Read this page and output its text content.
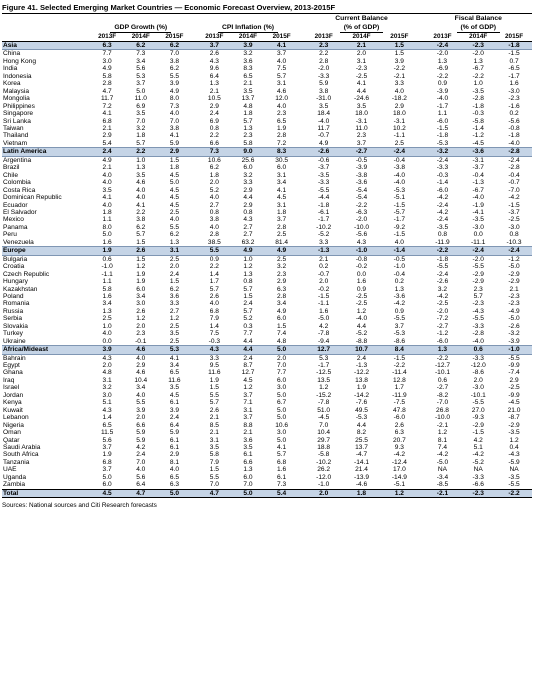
Figure 41. Selected Emerging Market Countries — Economic Forecast Overview, 2013-2015F
									Current Balance				Fiscal Balance		
	GDP Growth (%)				CPI Inflation (%)				(% of GDP)				(% of GDP)		
	2013F	2014F	2015F		2013F	2014F	2015F		2013F	2014F	2015F		2013F	2014F	2015F
Asia	6.3	6.2	6.2		3.7	3.9	4.1		2.3	2.1	1.5		-2.4	-2.3	-1.8
China	7.7	7.3	7.0		2.6	3.2	3.7		2.2	2.0	1.5		-2.0	-2.0	-1.5
Hong Kong	3.0	3.4	3.8		4.3	3.6	4.0		2.8	3.1	3.9		1.3	1.3	0.7
India	4.9	5.6	6.2		9.6	8.3	7.5		-2.0	-2.3	-2.2		-6.9	-6.7	-6.5
Indonesia	5.8	5.3	5.5		6.4	6.5	5.7		-3.3	-2.5	-2.1		-2.2	-2.2	-1.7
Korea	2.8	3.7	3.9		1.3	2.1	3.1		5.9	4.1	3.3		0.9	1.0	1.6
Malaysia	4.7	5.0	4.9		2.1	3.5	4.6		3.8	4.4	4.0		-3.9	-3.5	-3.0
Mongolia	11.7	11.0	8.0		10.5	13.7	12.0		-31.0	-24.6	-18.2		-4.0	-2.8	-2.3
Philippines	7.2	6.9	7.3		2.9	4.8	4.0		3.5	3.5	2.9		-1.7	-1.8	-1.6
Singapore	4.1	3.5	4.0		2.4	1.8	2.3		18.4	18.0	18.0		1.1	-0.3	0.2
Sri Lanka	6.8	7.0	7.0		6.9	5.7	6.5		-4.0	-3.1	-3.1		-6.0	-5.8	-5.6
Taiwan	2.1	3.2	3.8		0.8	1.3	1.9		11.7	11.0	10.2		-1.5	-1.4	-0.8
Thailand	2.9	1.8	4.1		2.2	2.3	2.8		-0.7	2.3	-1.1		-1.8	-1.2	-1.8
Vietnam	5.4	5.7	5.9		6.6	5.8	7.2		4.9	3.7	2.5		-5.3	-4.5	-4.0
Latin America	2.4	2.2	2.9		7.3	9.0	8.3		-2.6	-2.7	-2.4		-3.2	-3.6	-2.8
Argentina	4.9	1.0	1.5		10.6	25.6	30.5		-0.6	-0.5	-0.4		-2.4	-3.1	-2.4
Brazil	2.1	1.3	1.8		6.2	6.0	6.0		-3.7	-3.9	-3.8		-3.3	-3.7	-2.8
Chile	4.0	3.5	4.5		1.8	3.2	3.1		-3.5	-3.8	-4.0		-0.3	-0.4	-0.4
Colombia	4.0	4.6	5.0		2.0	3.3	3.4		-3.3	-3.6	-4.0		-1.4	-1.3	-0.7
Costa Rica	3.5	4.0	4.5		5.2	2.9	4.1		-5.5	-5.4	-5.3		-6.0	-6.7	-7.0
Dominican Republic	4.1	4.0	4.5		4.0	4.4	4.5		-4.4	-5.4	-5.1		-4.2	-4.0	-4.2
Ecuador	4.0	4.1	4.5		2.7	2.9	3.1		-1.8	-2.2	-1.5		-2.4	-1.9	-1.5
El Salvador	1.8	2.2	2.5		0.8	0.8	1.8		-6.1	-6.3	-5.7		-4.2	-4.1	-3.7
Mexico	1.1	3.8	4.0		3.8	4.3	3.7		-1.7	-2.0	-1.7		-2.4	-3.5	-2.5
Panama	8.0	6.2	5.5		4.0	2.7	2.8		-10.2	-10.0	-9.2		-3.5	-3.0	-3.0
Peru	5.0	5.7	6.2		2.8	2.7	2.5		-5.2	-5.6	-1.5		0.8	0.0	0.8
Venezuela	1.6	1.5	1.3		38.5	63.2	81.4		3.3	4.3	4.0		-11.9	-11.1	-10.3
Europe	1.9	2.6	3.1		5.5	4.9	4.9		-1.3	-1.0	-1.4		-2.2	-2.4	-2.4
Bulgaria	0.6	1.5	2.5		0.9	1.0	2.5		2.1	-0.8	-0.5		-1.8	-2.0	-1.2
Croatia	-1.0	1.2	2.0		2.2	1.2	3.2		0.2	-0.2	-1.0		-5.5	-5.5	-5.0
Czech Republic	-1.1	1.9	2.4		1.4	1.3	2.3		-0.7	0.0	-0.4		-2.4	-2.9	-2.9
Hungary	1.1	1.9	1.5		1.7	0.8	2.9		2.0	1.6	0.2		-2.6	-2.9	-2.9
Kazakhstan	5.8	6.0	6.2		5.7	5.7	6.3		-0.2	0.9	1.3		3.2	2.3	2.1
Poland	1.6	3.4	3.6		2.6	1.5	2.8		-1.5	-2.5	-3.6		-4.2	5.7	-2.3
Romania	3.4	3.0	3.3		4.0	2.4	3.4		-1.1	-2.5	-4.2		-2.5	-2.3	-2.3
Russia	1.3	2.6	2.7		6.8	5.7	4.9		1.6	1.2	0.9		-2.0	-4.3	-4.9
Serbia	2.5	1.2	1.2		7.9	5.2	6.0		-5.0	-4.0	-5.5		-7.2	-5.5	-5.0
Slovakia	1.0	2.0	2.5		1.4	0.3	1.5		4.2	4.4	3.7		-2.7	-3.3	-2.6
Turkey	4.0	2.3	3.5		7.5	7.7	7.4		-7.8	-5.2	-5.3		-1.2	-2.8	-3.2
Ukraine	0.0	-0.1	2.5		-0.3	4.4	4.8		-9.4	-8.8	-8.6		-6.0	-4.0	-3.9
Africa/Mideast	3.9	4.6	5.3		4.3	4.4	5.0		12.7	10.7	8.4		1.3	0.6	-1.0
Bahrain	4.3	4.0	4.1		3.3	2.4	2.0		5.3	2.4	-1.5		-2.2	-3.3	-5.5
Egypt	2.0	2.9	3.4		9.5	8.7	7.0		-1.7	-1.3	-2.2		-12.7	-12.0	-9.9
Ghana	4.8	4.6	6.5		11.6	12.7	7.7		-12.5	-12.2	-11.4		-10.1	-8.6	-7.4
Iraq	3.1	10.4	11.6		1.9	4.5	6.0		13.5	13.8	12.8		0.6	2.0	2.9
Israel	3.2	3.4	3.5		1.5	1.2	3.0		1.2	1.9	1.7		-2.7	-3.0	-2.5
Jordan	3.0	4.0	4.5		5.5	3.7	5.0		-15.2	-14.2	-11.9		-8.2	-10.1	-9.9
Kenya	5.1	5.5	6.1		5.7	7.1	6.7		-7.8	-7.6	-7.5		-7.0	-5.5	-4.5
Kuwait	4.3	3.9	3.9		2.6	3.1	5.0		51.0	49.5	47.8		26.8	27.0	21.0
Lebanon	1.4	2.0	2.4		2.1	3.7	5.0		-4.5	-5.3	-6.0		-10.0	-9.3	-8.7
Nigeria	6.5	6.6	6.4		8.5	8.8	10.6		7.0	4.4	2.6		-2.1	-2.9	-2.9
Oman	11.5	5.9	5.9		2.1	2.1	3.0		10.4	8.2	6.3		1.2	-1.5	-3.5
Qatar	5.6	5.9	6.1		3.1	3.6	5.0		29.7	25.5	20.7		8.1	4.2	1.2
Saudi Arabia	3.7	4.2	6.1		3.5	3.5	4.1		18.8	13.7	9.3		7.4	5.1	0.4
South Africa	1.9	2.4	2.9		5.8	6.1	5.7		-5.8	-4.7	-4.2		-4.2	-4.2	-4.3
Tanzania	6.8	7.0	8.1		7.9	6.6	6.8		-10.2	-14.1	-12.4		-5.0	-5.2	-5.9
UAE	3.7	4.0	4.0		1.5	1.3	1.6		26.2	21.4	17.0		NA	NA	NA
Uganda	5.0	5.6	6.5		5.5	6.0	6.1		-12.0	-13.9	-14.9		-3.4	-3.3	-3.5
Zambia	6.0	6.4	6.3		7.0	7.0	7.3		-1.0	-4.6	-5.1		-8.5	-6.6	-5.5
Total	4.5	4.7	5.0		4.7	5.0	5.4		2.0	1.8	1.2		-2.1	-2.3	-2.2
Sources: National sources and Citi Research forecasts
